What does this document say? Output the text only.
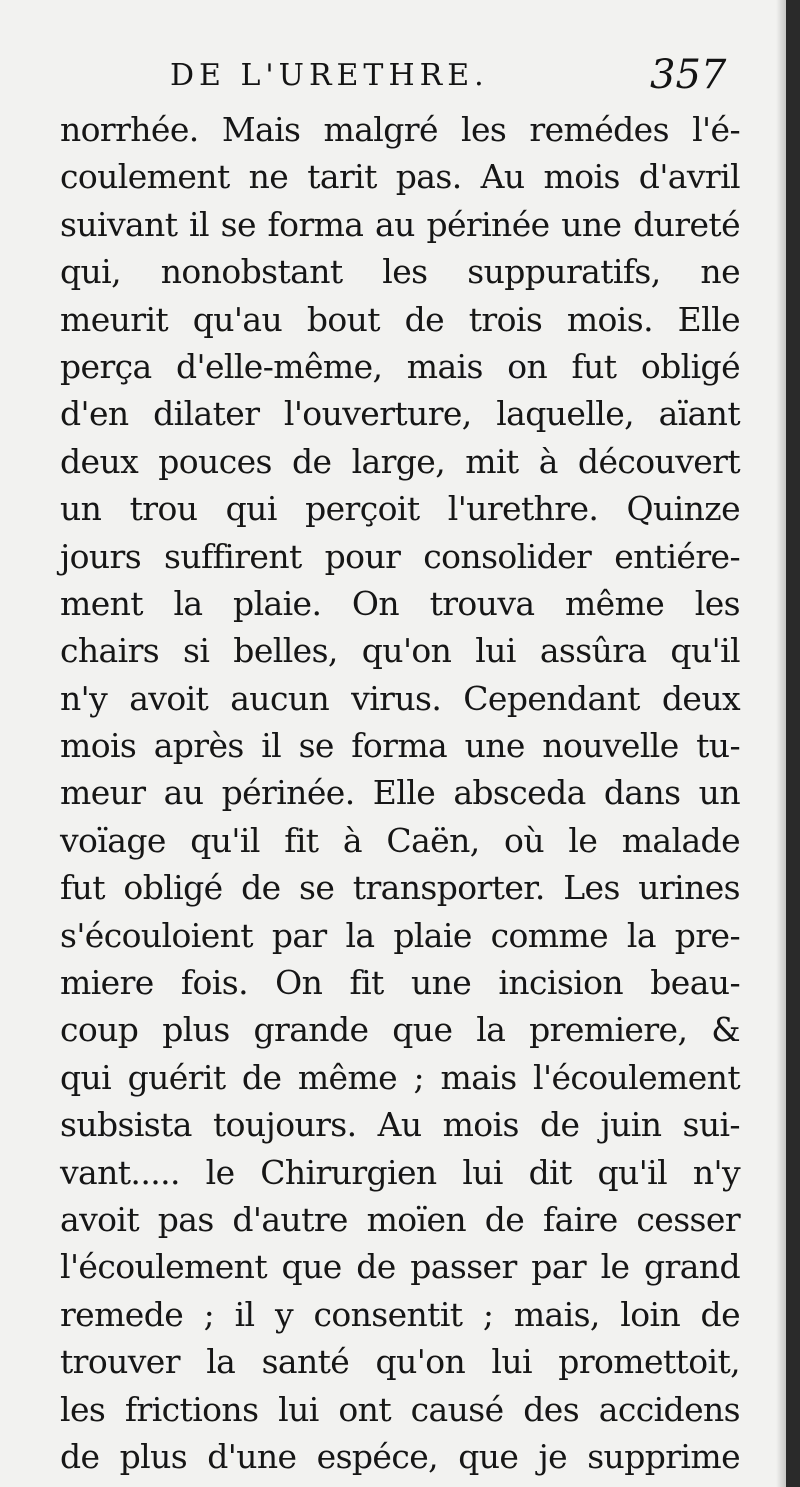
DE L'URETHRE.	357
norrhée. Mais malgré les remédes l'é-
coulement ne tarit pas. Au mois d'avril
suivant il se forma au périnée une dureté
qui, nonobstant les suppuratifs, ne
meurit qu'au bout de trois mois. Elle
perça d'elle-même, mais on fut obligé
d'en dilater l'ouverture, laquelle, aïant
deux pouces de large, mit à découvert
un trou qui perçoit l'urethre. Quinze
jours suffirent pour consolider entiére-
ment la plaie. On trouva même les
chairs si belles, qu'on lui assûra qu'il
n'y avoit aucun virus. Cependant deux
mois après il se forma une nouvelle tu-
meur au périnée. Elle absceda dans un
voïage qu'il fit à Caën, où le malade
fut obligé de se transporter. Les urines
s'écouloient par la plaie comme la pre-
miere fois. On fit une incision beau-
coup plus grande que la premiere, &
qui guérit de même ; mais l'écoulement
subsista toujours. Au mois de juin sui-
vant..... le Chirurgien lui dit qu'il n'y
avoit pas d'autre moïen de faire cesser
l'écoulement que de passer par le grand
remede ; il y consentit ; mais, loin de
trouver la santé qu'on lui promettoit,
les frictions lui ont causé des accidens
de plus d'une espéce, que je supprime
